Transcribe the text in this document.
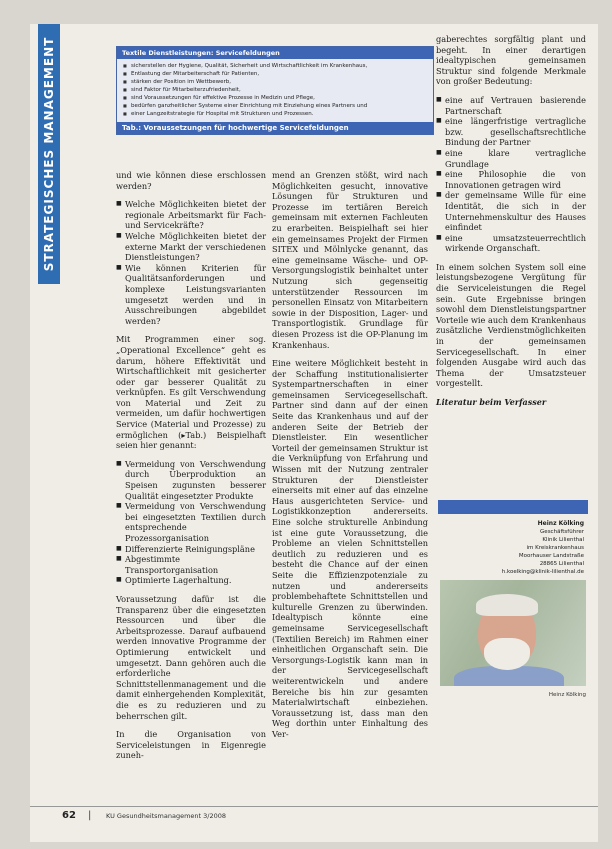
STRATEGISCHES MANAGEMENT	Textile Dienstleistungen: Servicefeldungen
■ sicherstellen der Hygiene, Qualität, Sicherheit und Wirtschaftlichkeit im Krankenhaus,
■ Entlastung der Mitarbeiterschaft für Patienten,
■ stärken der Position im Wettbewerb,
■ sind Faktor für Mitarbeiterzufriedenheit,
■ sind Voraussetzungen für effektive Prozesse in Medizin und Pflege,
■ bedürfen ganzheitlicher Systeme einer Einrichtung mit Einziehung eines Partners und
■ einer Langzeitstrategie für Hospital mit Strukturen und Prozessen.
Tab.: Voraussetzungen für hochwertige Servicefeldungen

und wie können diese erschlossen werden?

■ Welche Möglichkeiten bietet der regionale Arbeitsmarkt für Fach- und Servicekräfte?
■ Welche Möglichkeiten bietet der externe Markt der verschiedenen Dienstleistungen?
■ Wie können Kriterien für Qualitätsanforderungen und komplexe Leistungsvarianten umgesetzt werden und in Ausschreibungen abgebildet werden?

Mit Programmen einer sog. „Operational Excellence“ geht es darum, höhere Effektivität und Wirtschaftlichkeit mit gesicherter oder gar besserer Qualität zu verknüpfen. Es gilt Verschwendung von Material und Zeit zu vermeiden, um dafür hochwertigen Service (Material und Prozesse) zu ermöglichen (▸Tab.) Beispielhaft seien hier genannt:

■ Vermeidung von Verschwendung durch Überproduktion an Speisen zugunsten besserer Qualität eingesetzter Produkte
■ Vermeidung von Verschwendung bei eingesetzten Textilien durch entsprechende Prozessorganisation
■ Differenzierte Reinigungspläne
■ Abgestimmte Transportorganisation
■ Optimierte Lagerhaltung.

Voraussetzung dafür ist die Transparenz über die eingesetzten Ressourcen und über die Arbeitsprozesse. Darauf aufbauend werden innovative Programme der Optimierung entwickelt und umgesetzt. Dann gehören auch die erforderliche Schnittstellenmanagement und die damit einhergehenden Komplexität, die es zu reduzieren und zu beherrschen gilt.

In die Organisation von Serviceleistungen in Eigenregie zuneh-

mend an Grenzen stößt, wird nach Möglichkeiten gesucht, innovative Lösungen für Strukturen und Prozesse im tertiären Bereich gemeinsam mit externen Fachleuten zu erarbeiten. Beispielhaft sei hier ein gemeinsames Projekt der Firmen SITEX und Mölnlycke genannt, das eine gemeinsame Wäsche- und OP-Versorgungslogistik beinhaltet unter Nutzung sich gegenseitig unterstützender Ressourcen im personellen Einsatz von Mitarbeitern sowie in der Disposition, Lager- und Transportlogistik. Grundlage für diesen Prozess ist die OP-Planung im Krankenhaus.

Eine weitere Möglichkeit besteht in der Schaffung institutionalisierter Systempartnerschaften in einer gemeinsamen Servicegesellschaft. Partner sind dann auf der einen Seite das Krankenhaus und auf der anderen Seite der Betrieb der Dienstleister. Ein wesentlicher Vorteil der gemeinsamen Struktur ist die Verknüpfung von Erfahrung und Wissen mit der Nutzung zentraler Strukturen der Dienstleister einerseits mit einer auf das einzelne Haus ausgerichteten Service- und Logistikkonzeption andererseits. Eine solche strukturelle Anbindung ist eine gute Voraussetzung, die Probleme an vielen Schnittstellen deutlich zu reduzieren und es besteht die Chance auf der einen Seite die Effizienzpotenziale zu nutzen und andererseits problembehaftete Schnittstellen und kulturelle Grenzen zu überwinden. Idealtypisch könnte eine gemeinsame Servicegesellschaft (Textilien Bereich) im Rahmen einer einheitlichen Organschaft sein. Die Versorgungs-Logistik kann man in der Servicegesellschaft weiterentwickeln und andere Bereiche bis hin zur gesamten Materialwirtschaft einbeziehen. Voraussetzung ist, dass man den Weg dorthin unter Einhaltung des Ver-

gaberechtes sorgfältig plant und begeht. In einer derartigen idealtypischen gemeinsamen Struktur sind folgende Merkmale von großer Bedeutung:

■ eine auf Vertrauen basierende Partnerschaft
■ eine längerfristige vertragliche bzw. gesellschaftsrechtliche Bindung der Partner
■ eine klare vertragliche Grundlage
■ eine Philosophie die von Innovationen getragen wird
■ der gemeinsame Wille für eine Identität, die sich in der Unternehmenskultur des Hauses einfindet
■ eine umsatzsteuerrechtlich wirkende Organschaft.

In einem solchen System soll eine leistungsbezogene Vergütung für die Serviceleistungen die Regel sein. Gute Ergebnisse bringen sowohl dem Dienstleistungspartner Vorteile wie auch dem Krankenhaus zusätzliche Verdienstmöglichkeiten in der gemeinsamen Servicegesellschaft. In einer folgenden Ausgabe wird auch das Thema der Umsatzsteuer vorgestellt.

Literatur beim Verfasser

Heinz Kölking
Geschäftsführer
Klinik Lilienthal
im Kreiskrankenhaus
Moorhauser Landstraße
28865 Lilienthal
h.koelking@klinik-lilienthal.de
Heinz Kölking
62 | KU Gesundheitsmanagement 3/2008
